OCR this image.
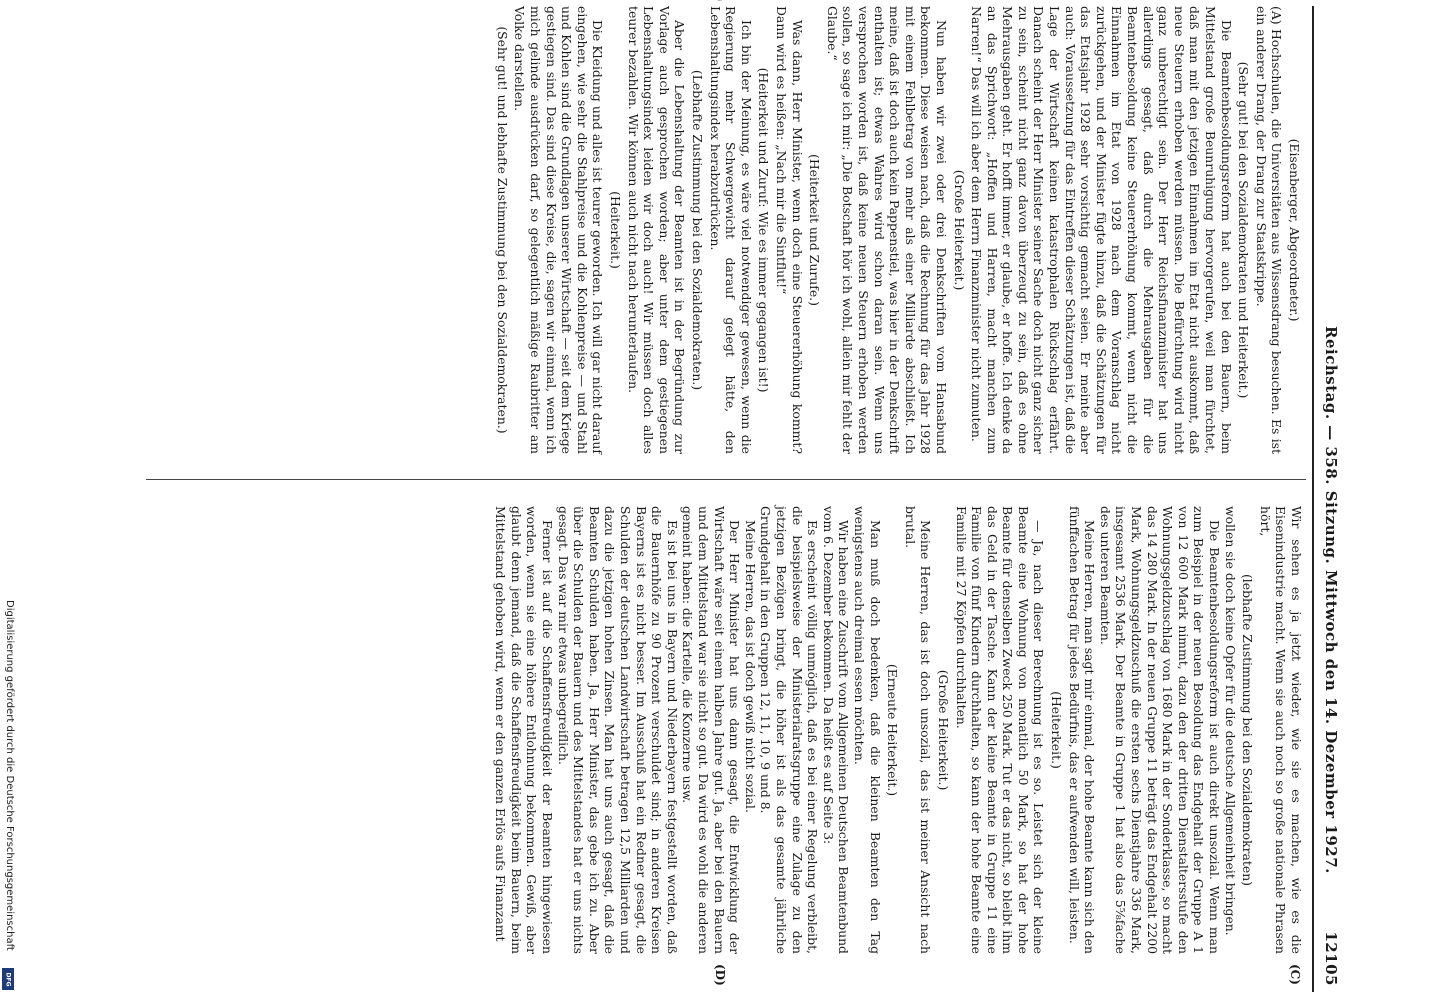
Reichstag. — 358. Sitzung. Mittwoch den 14. Dezember 1927.
12105

(Eisenberger, Abgeordneter.)

(A) Hochschulen, die Universitäten aus Wissensdrang besuchen. Es ist ein anderer Drang, der Drang zur Staatskrippe.

(Sehr gut! bei den Sozialdemokraten und Heiterkeit.)

Die Beamtenbesoldungsreform hat auch bei den Bauern, beim Mittelstand große Beunruhigung hervorgerufen, weil man fürchtet, daß man mit den jetzigen Einnahmen im Etat nicht auskommt, daß neue Steuern erhoben werden müssen. Die Befürchtung wird nicht ganz unberechtigt sein. Der Herr Reichsfinanzminister hat uns allerdings gesagt, daß durch die Mehrausgaben für die Beamtenbesoldung keine Steuererhöhung kommt, wenn nicht die Einnahmen im Etat von 1928 nach dem Voranschlag nicht zurückgehen, und der Minister fügte hinzu, daß die Schätzungen für das Etatsjahr 1928 sehr vorsichtig gemacht seien. Er meinte aber auch: Voraussetzung für das Eintreffen dieser Schätzungen ist, daß die Lage der Wirtschaft keinen katastrophalen Rückschlag erfährt. Danach scheint der Herr Minister seiner Sache doch nicht ganz sicher zu sein, scheint nicht ganz davon überzeugt zu sein, daß es ohne Mehrausgaben geht. Er hofft immer, er glaube, er hoffe. Ich denke da an das Sprichwort: „Hoffen und Harren, macht manchen zum Narren!“ Das will ich aber dem Herrn Finanzminister nicht zumuten.

(Große Heiterkeit.)

Nun haben wir zwei oder drei Denkschriften vom Hansabund bekommen. Diese weisen nach, daß die Rechnung für das Jahr 1928 mit einem Fehlbetrag von mehr als einer Milliarde abschließt. Ich meine, daß ist doch auch kein Pappenstiel, was hier in der Denkschrift enthalten ist; etwas Wahres wird schon daran sein. Wenn uns versprochen worden ist, daß keine neuen Steuern erhoben werden sollen, so sage ich mir: „Die Botschaft hör ich wohl, allein mir fehlt der Glaube.“

(Heiterkeit und Zurufe.)

Was dann, Herr Minister, wenn doch eine Steuererhöhung kommt? Dann wird es heißen: „Nach mir die Sintflut!“

(Heiterkeit und Zuruf: Wie es immer gegangen ist!)

Ich bin der Meinung, es wäre viel notwendiger gewesen, wenn die Regierung mehr Schwergewicht darauf gelegt hätte, den Lebenshaltungsindex herabzudrücken.

(Lebhafte Zustimmung bei den Sozialdemokraten.)

Aber die Lebenshaltung der Beamten ist in der Begründung zur Vorlage auch gesprochen worden; aber unter dem gestiegenen Lebenshaltungsindex leiden wir doch auch! Wir müssen doch alles teurer bezahlen. Wir können auch nicht nach herunterlaufen.

(Heiterkeit.)

Die Kleidung und alles ist teurer geworden. Ich will gar nicht darauf eingehen, wie sehr die Stahlpreise und die Kohlenpreise — und Stahl und Kohlen sind die Grundlagen unserer Wirtschaft — seit dem Kriege gestiegen sind. Das sind diese Kreise, die, sagen wir einmal, wenn ich mich gelinde ausdrücken darf, so gelegentlich mäßige Raubritter am Volke darstellen.

(Sehr gut! und lebhafte Zustimmung bei den Sozialdemokraten.)

Wir sehen es ja jetzt wieder, wie sie es machen, wie es die Eisenindustrie macht. Wenn sie auch noch so große nationale Phrasen hört,

(lebhafte Zustimmung bei den Sozialdemokraten)

wollen sie doch keine Opfer für die deutsche Allgemeinheit bringen.

Die Beamtenbesoldungsreform ist auch direkt unsozial. Wenn man zum Beispiel in der neuen Besoldung das Endgehalt der Gruppe A 1 von 12 600 Mark nimmt, dazu den der dritten Dienstaltersstufe den Wohnungsgeldzuschlag von 1680 Mark in der Sonderklasse, so macht das 14 280 Mark. In der neuen Gruppe 11 beträgt das Endgehalt 2200 Mark, Wohnungsgeldzuschuß die ersten sechs Dienstjahre 336 Mark, insgesamt 2536 Mark. Der Beamte in Gruppe 1 hat also das 5⅝fache des unteren Beamten.

Meine Herren, man sagt mir einmal, der hohe Beamte kann sich den fünffachen Betrag für jedes Bedürfnis, das er aufwenden will, leisten.

(Heiterkeit.)

— Ja, nach dieser Berechnung ist es so. Leistet sich der kleine Beamte eine Wohnung von monatlich 50 Mark, so hat der hohe Beamte für denselben Zweck 250 Mark. Tut er das nicht, so bleibt ihm das Geld in der Tasche. Kann der kleine Beamte in Gruppe 11 eine Familie von fünf Kindern durchhalten, so kann der hohe Beamte eine Familie mit 27 Köpfen durchhalten.

(Große Heiterkeit.)

Meine Herren, das ist doch unsozial, das ist meiner Ansicht nach brutal.

(Erneute Heiterkeit.)

Man muß doch bedenken, daß die kleinen Beamten den Tag wenigstens auch dreimal essen möchten.

Wir haben eine Zuschrift vom Allgemeinen Deutschen Beamtenbund vom 6. Dezember bekommen. Da heißt es auf Seite 3:

Es erscheint völlig unmöglich, daß es bei einer Regelung verbleibt, die beispielsweise der Ministerialratsgruppe eine Zulage zu den jetzigen Bezügen bringt, die höher ist als das gesamte jährliche Grundgehalt in den Gruppen 12, 11, 10, 9 und 8.

Meine Herren, das ist doch gewiß nicht sozial.

Der Herr Minister hat uns dann gesagt, die Entwicklung der Wirtschaft wäre seit einem halben Jahre gut. Ja, aber bei den Bauern und dem Mittelstand war sie nicht so gut. Da wird es wohl die anderen gemeint haben: die Kartelle, die Konzerne usw.

Es ist bei uns in Bayern und Niederbayern festgestellt worden, daß die Bauernhöfe zu 90 Prozent verschuldet sind; in anderen Kreisen Bayerns ist es nicht besser. Im Ausschuß hat ein Redner gesagt, die Schulden der deutschen Landwirtschaft betragen 12,5 Milliarden und dazu die jetzigen hohen Zinsen. Man hat uns auch gesagt, daß die Beamten Schulden haben. Ja, Herr Minister, das gebe ich zu. Aber über die Schulden der Bauern und des Mittelstandes hat er uns nichts gesagt. Das war mir etwas unbegreiflich.

Ferner ist auf die Schaffensfreudigkeit der Beamten hingewiesen worden, wenn sie eine höhere Entlohnung bekommen. Gewiß, aber glaubt denn jemand, daß die Schaffensfreudigkeit beim Bauern, beim Mittelstand gehoben wird, wenn er den ganzen Erlös aufs Finanzamt

(C)
(D)
Digitalisierung gefördert durch die Deutsche Forschungsgemeinschaft
DFG
